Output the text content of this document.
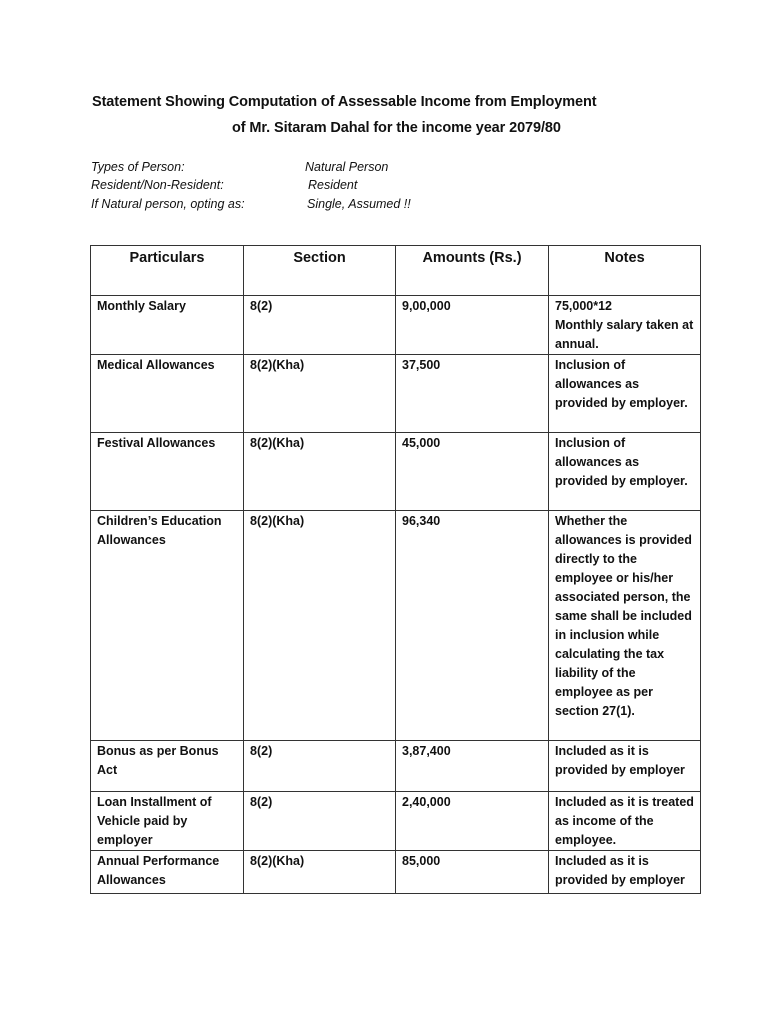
Statement Showing Computation of Assessable Income from Employment
of Mr. Sitaram Dahal for the income year 2079/80
Types of Person:	Natural Person
Resident/Non-Resident:	Resident
If Natural person, opting as:	Single, Assumed !!
Particulars	Section	Amounts (Rs.)	Notes
Monthly Salary	8(2)	9,00,000	75,000*12
Monthly salary taken at annual.

Medical Allowances	8(2)(Kha)	37,500	Inclusion of allowances as provided by employer.

Festival Allowances	8(2)(Kha)	45,000	Inclusion of allowances as provided by employer.

Children’s Education Allowances	8(2)(Kha)	96,340	Whether the allowances is provided directly to the employee or his/her associated person, the same shall be included in inclusion while calculating the tax liability of the employee as per section 27(1).

Bonus as per Bonus Act	8(2)	3,87,400	Included as it is provided by employer

Loan Installment of Vehicle paid by employer	8(2)	2,40,000	Included as it is treated as income of the employee.

Annual Performance Allowances	8(2)(Kha)	85,000	Included as it is provided by employer
